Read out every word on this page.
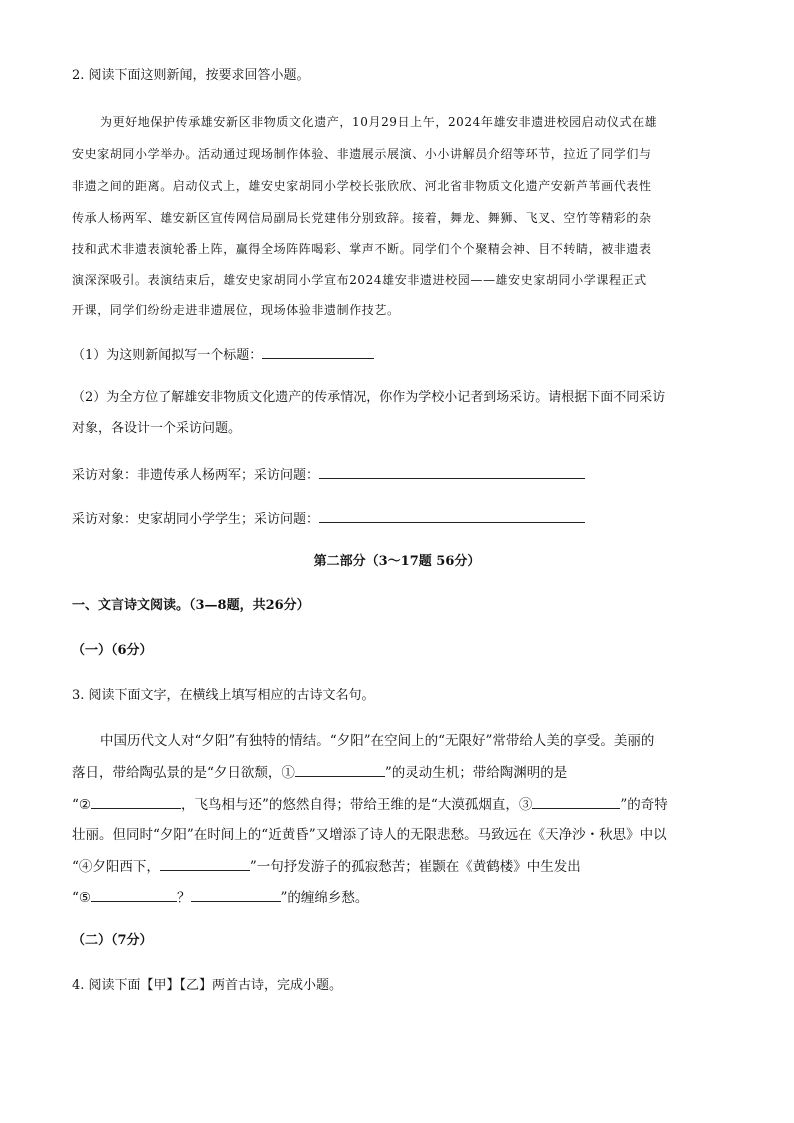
2. 阅读下面这则新闻，按要求回答小题。
为更好地保护传承雄安新区非物质文化遗产，10月29日上午，2024年雄安非遗进校园启动仪式在雄
安史家胡同小学举办。活动通过现场制作体验、非遗展示展演、小小讲解员介绍等环节，拉近了同学们与
非遗之间的距离。启动仪式上，雄安史家胡同小学校长张欣欣、河北省非物质文化遗产安新芦苇画代表性
传承人杨两军、雄安新区宣传网信局副局长党建伟分别致辞。接着，舞龙、舞狮、飞叉、空竹等精彩的杂
技和武术非遗表演轮番上阵，赢得全场阵阵喝彩、掌声不断。同学们个个聚精会神、目不转睛，被非遗表
演深深吸引。表演结束后，雄安史家胡同小学宣布2024雄安非遗进校园——雄安史家胡同小学课程正式
开课，同学们纷纷走进非遗展位，现场体验非遗制作技艺。
（1）为这则新闻拟写一个标题：
（2）为全方位了解雄安非物质文化遗产的传承情况，你作为学校小记者到场采访。请根据下面不同采访
对象，各设计一个采访问题。
采访对象：非遗传承人杨两军；采访问题：
采访对象：史家胡同小学学生；采访问题：
第二部分（3～17题 56分）
一、文言诗文阅读。（3—8题，共26分）
（一）（6分）
3. 阅读下面文字，在横线上填写相应的古诗文名句。
中国历代文人对“夕阳”有独特的情结。“夕阳”在空间上的“无限好”常带给人美的享受。美丽的
落日，带给陶弘景的是“夕日欲颓，①	”的灵动生机；带给陶渊明的是
“②	，飞鸟相与还”的悠然自得；带给王维的是“大漠孤烟直，③	”的奇特
壮丽。但同时“夕阳”在时间上的“近黄昏”又增添了诗人的无限悲愁。马致远在《天净沙・秋思》中以
“④夕阳西下，	”一句抒发游子的孤寂愁苦；崔颢在《黄鹤楼》中生发出
“⑤	？	”的缠绵乡愁。
（二）（7分）
4. 阅读下面【甲】【乙】两首古诗，完成小题。
